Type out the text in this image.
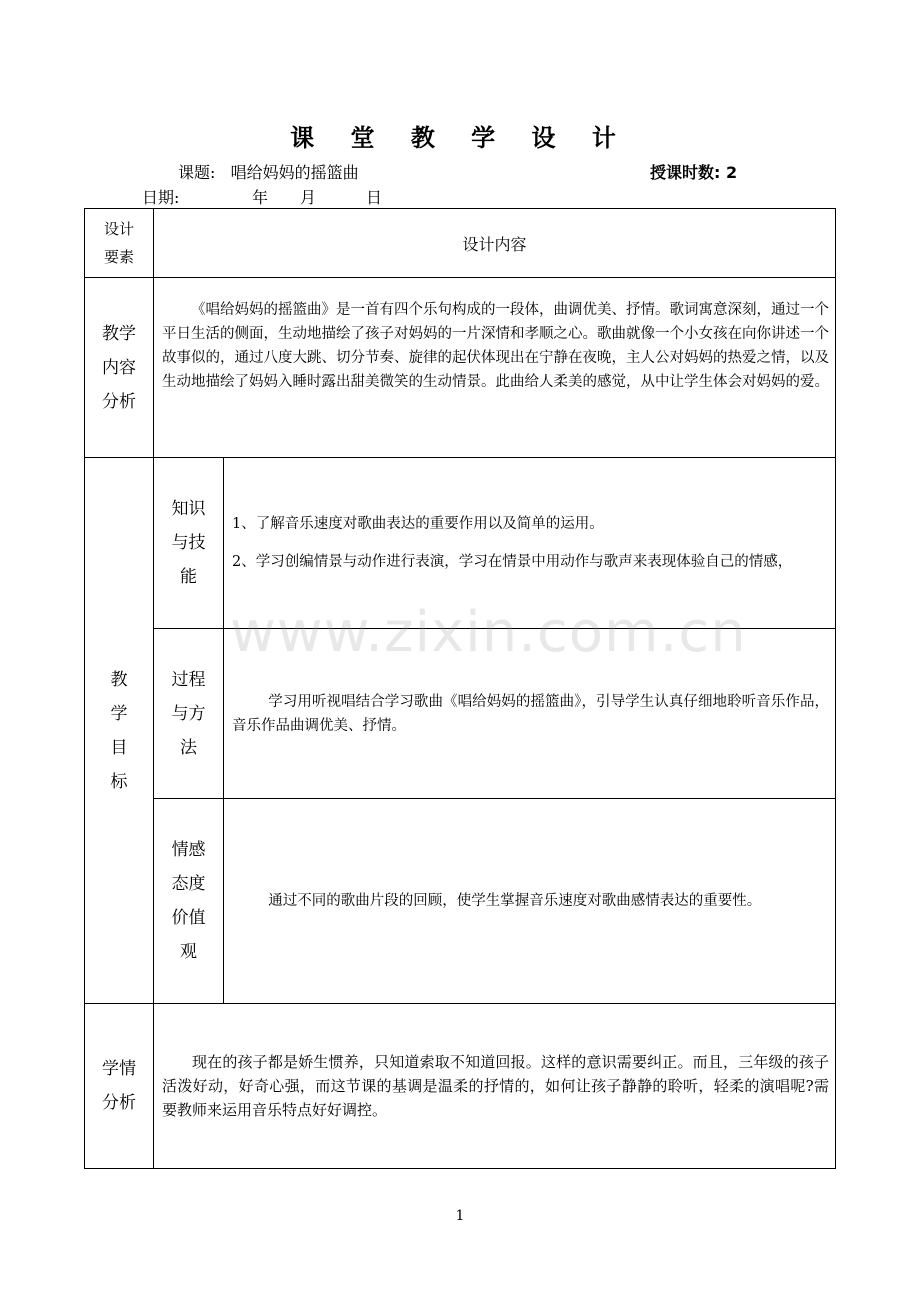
课 堂 教 学 设 计
课题: 唱给妈妈的摇篮曲	授课时数: 2
日期:	年 月	日
设计要素	设计内容	

教学内容分析	《唱给妈妈的摇篮曲》是一首有四个乐句构成的一段体，曲调优美、抒情。歌词寓意深刻，通过一个平日生活的侧面，生动地描绘了孩子对妈妈的一片深情和孝顺之心。歌曲就像一个小女孩在向你讲述一个故事似的，通过八度大跳、切分节奏、旋律的起伏体现出在宁静在夜晚，主人公对妈妈的热爱之情，以及生动地描绘了妈妈入睡时露出甜美微笑的生动情景。此曲给人柔美的感觉，从中让学生体会对妈妈的爱。	

教学目标	知识与技能	1、了解音乐速度对歌曲表达的重要作用以及简单的运用。

2、学习创编情景与动作进行表演，学习在情景中用动作与歌声来表现体验自己的情感，

	过程与方法	学习用听视唱结合学习歌曲《唱给妈妈的摇篮曲》，引导学生认真仔细地聆听音乐作品，音乐作品曲调优美、抒情。

	情感态度价值观	通过不同的歌曲片段的回顾，使学生掌握音乐速度对歌曲感情表达的重要性。

学情分析	现在的孩子都是娇生惯养，只知道索取不知道回报。这样的意识需要纠正。而且，三年级的孩子活泼好动，好奇心强，而这节课的基调是温柔的抒情的，如何让孩子静静的聆听，轻柔的演唱呢?需要教师来运用音乐特点好好调控。	
www.zixin.com.cn
1
